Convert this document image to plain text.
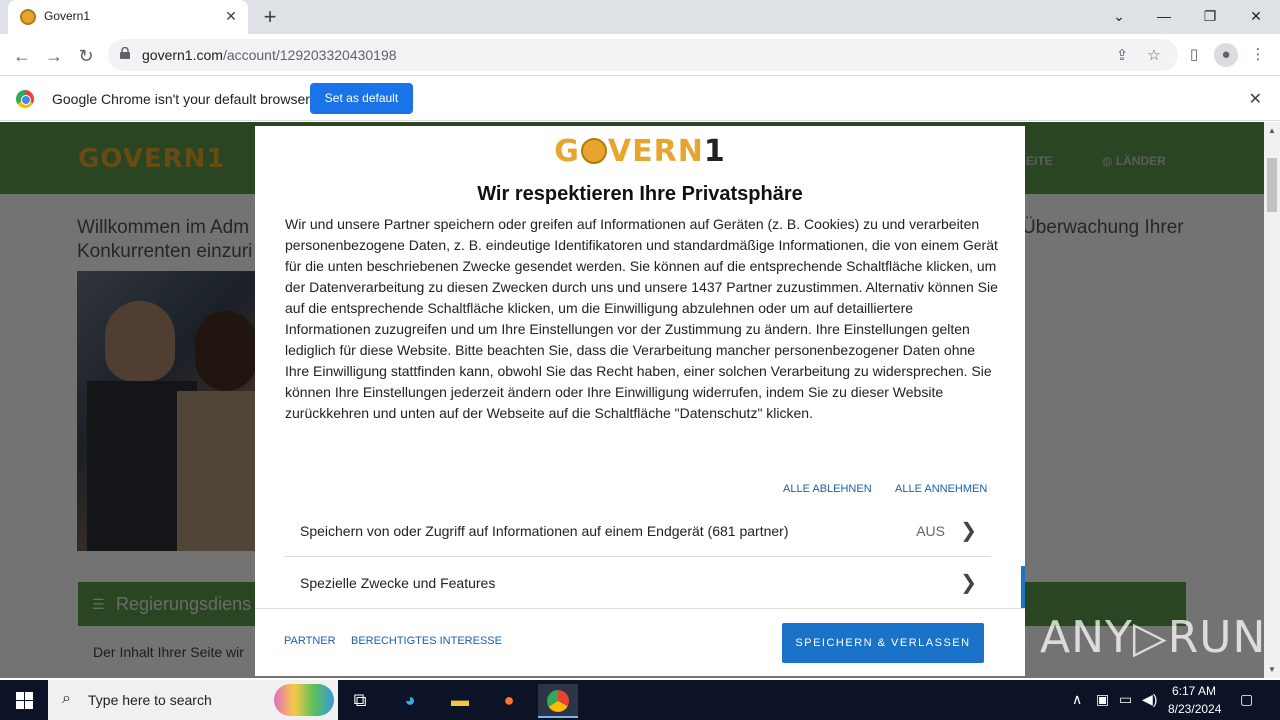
Govern1	✕ +	⌄	—	❐	✕
← → ↻	govern1.com/account/129203320430198	⇪ ☆	▯	●	⋮
Google Chrome isn't your default browser	Set as default	✕

▲
▼
G VERN1
Wir respektieren Ihre Privatsphäre
Wir und unsere Partner speichern oder greifen auf Informationen auf Geräten (z. B. Cookies) zu und verarbeiten personenbezogene Daten, z. B. eindeutige Identifikatoren und standardmäßige Informationen, die von einem Gerät für die unten beschriebenen Zwecke gesendet werden. Sie können auf die entsprechende Schaltfläche klicken, um der Datenverarbeitung zu diesen Zwecken durch uns und unsere 1437 Partner zuzustimmen. Alternativ können Sie auf die entsprechende Schaltfläche klicken, um die Einwilligung abzulehnen oder um auf detailliertere Informationen zuzugreifen und um Ihre Einstellungen vor der Zustimmung zu ändern. Ihre Einstellungen gelten lediglich für diese Website. Bitte beachten Sie, dass die Verarbeitung mancher personenbezogener Daten ohne Ihre Einwilligung stattfinden kann, obwohl Sie das Recht haben, einer solchen Verarbeitung zu widersprechen. Sie können Ihre Einstellungen jederzeit ändern oder Ihre Einwilligung widerrufen, indem Sie zu dieser Website zurückkehren und unten auf der Webseite auf die Schaltfläche "Datenschutz" klicken.
ALLE ABLEHNEN ALLE ANNEHMEN
Speichern von oder Zugriff auf Informationen auf einem Endgerät (681 partner)	AUS ❯
Spezielle Zwecke und Features	❯
PARTNER BERECHTIGTES INTERESSE	SPEICHERN & VERLASSEN	ANY▷RUN
⌕ Type here to search	⧉	◕	▬	●	∧ ▣ ▭ ◀) 6:17 AM
8/23/2024
▢
